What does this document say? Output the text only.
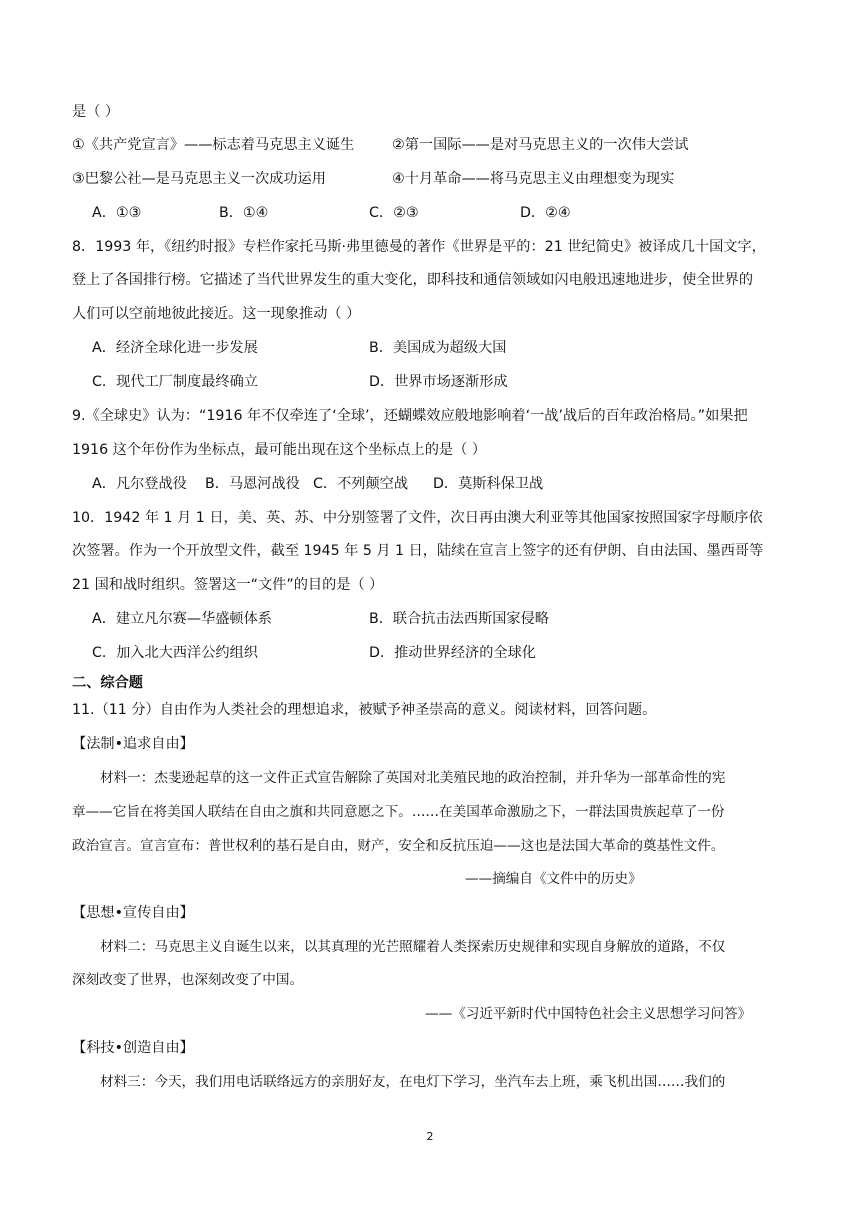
是（ ）
①《共产党宣言》——标志着马克思主义诞生	②第一国际——是对马克思主义的一次伟大尝试
③巴黎公社—是马克思主义一次成功运用	④十月革命——将马克思主义由理想变为现实
A．①③	B．①④	C．②③	D．②④
8．1993 年，《纽约时报》专栏作家托马斯·弗里德曼的著作《世界是平的：21 世纪简史》被译成几十国文字，
登上了各国排行榜。它描述了当代世界发生的重大变化，即科技和通信领域如闪电般迅速地进步，使全世界的
人们可以空前地彼此接近。这一现象推动（ ）
A．经济全球化进一步发展	B．美国成为超级大国
C．现代工厂制度最终确立	D．世界市场逐渐形成
9.《全球史》认为：“1916 年不仅牵连了‘全球’，还蝴蝶效应般地影响着‘一战’战后的百年政治格局。”如果把
1916 这个年份作为坐标点，最可能出现在这个坐标点上的是（ ）
A．凡尔登战役 B．马恩河战役 C．不列颠空战 D．莫斯科保卫战
10．1942 年 1 月 1 日，美、英、苏、中分别签署了文件，次日再由澳大利亚等其他国家按照国家字母顺序依
次签署。作为一个开放型文件，截至 1945 年 5 月 1 日，陆续在宣言上签字的还有伊朗、自由法国、墨西哥等
21 国和战时组织。签署这一“文件”的目的是（ ）
A．建立凡尔赛—华盛顿体系	B．联合抗击法西斯国家侵略
C．加入北大西洋公约组织	D．推动世界经济的全球化
二、综合题
11.（11 分）自由作为人类社会的理想追求，被赋予神圣崇高的意义。阅读材料，回答问题。
【法制•追求自由】
材料一：杰斐逊起草的这一文件正式宣告解除了英国对北美殖民地的政治控制，并升华为一部革命性的宪
章——它旨在将美国人联结在自由之旗和共同意愿之下。……在美国革命激励之下，一群法国贵族起草了一份
政治宣言。宣言宣布：普世权利的基石是自由，财产，安全和反抗压迫——这也是法国大革命的奠基性文件。
——摘编自《文件中的历史》
【思想•宣传自由】
材料二：马克思主义自诞生以来，以其真理的光芒照耀着人类探索历史规律和实现自身解放的道路，不仅
深刻改变了世界，也深刻改变了中国。
——《习近平新时代中国特色社会主义思想学习问答》
【科技•创造自由】
材料三：今天，我们用电话联络远方的亲朋好友，在电灯下学习，坐汽车去上班，乘飞机出国……我们的
2
